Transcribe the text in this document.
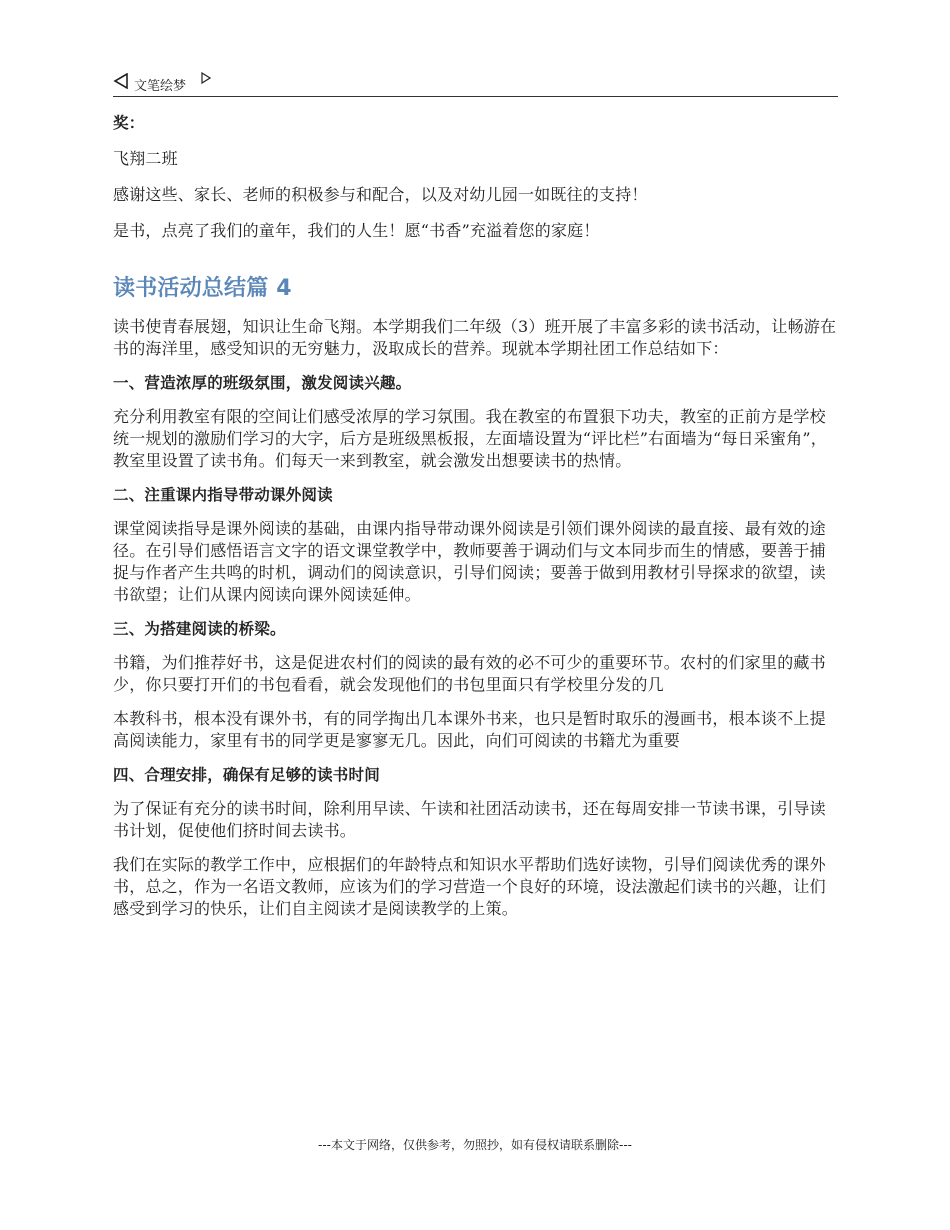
文笔绘梦

奖：

飞翔二班

感谢这些、家长、老师的积极参与和配合，以及对幼儿园一如既往的支持！

是书，点亮了我们的童年，我们的人生！愿“书香”充溢着您的家庭！

读书活动总结篇 4

读书使青春展翅，知识让生命飞翔。本学期我们二年级（3）班开展了丰富多彩的读书活动，让畅游在书的海洋里，感受知识的无穷魅力，汲取成长的营养。现就本学期社团工作总结如下：

一、营造浓厚的班级氛围，激发阅读兴趣。

充分利用教室有限的空间让们感受浓厚的学习氛围。我在教室的布置狠下功夫，教室的正前方是学校统一规划的激励们学习的大字，后方是班级黑板报，左面墙设置为“评比栏”右面墙为“每日采蜜角”，教室里设置了读书角。们每天一来到教室，就会激发出想要读书的热情。

二、注重课内指导带动课外阅读

课堂阅读指导是课外阅读的基础，由课内指导带动课外阅读是引领们课外阅读的最直接、最有效的途径。在引导们感悟语言文字的语文课堂教学中，教师要善于调动们与文本同步而生的情感，要善于捕捉与作者产生共鸣的时机，调动们的阅读意识，引导们阅读；要善于做到用教材引导探求的欲望，读书欲望；让们从课内阅读向课外阅读延伸。

三、为搭建阅读的桥梁。

书籍，为们推荐好书，这是促进农村们的阅读的最有效的必不可少的重要环节。农村的们家里的藏书少，你只要打开们的书包看看，就会发现他们的书包里面只有学校里分发的几

本教科书，根本没有课外书，有的同学掏出几本课外书来，也只是暂时取乐的漫画书，根本谈不上提高阅读能力，家里有书的同学更是寥寥无几。因此，向们可阅读的书籍尤为重要

四、合理安排，确保有足够的读书时间

为了保证有充分的读书时间，除利用早读、午读和社团活动读书，还在每周安排一节读书课，引导读书计划，促使他们挤时间去读书。

我们在实际的教学工作中，应根据们的年龄特点和知识水平帮助们选好读物，引导们阅读优秀的课外书，总之，作为一名语文教师，应该为们的学习营造一个良好的环境，设法激起们读书的兴趣，让们感受到学习的快乐，让们自主阅读才是阅读教学的上策。

---本文于网络，仅供参考，勿照抄，如有侵权请联系删除---
